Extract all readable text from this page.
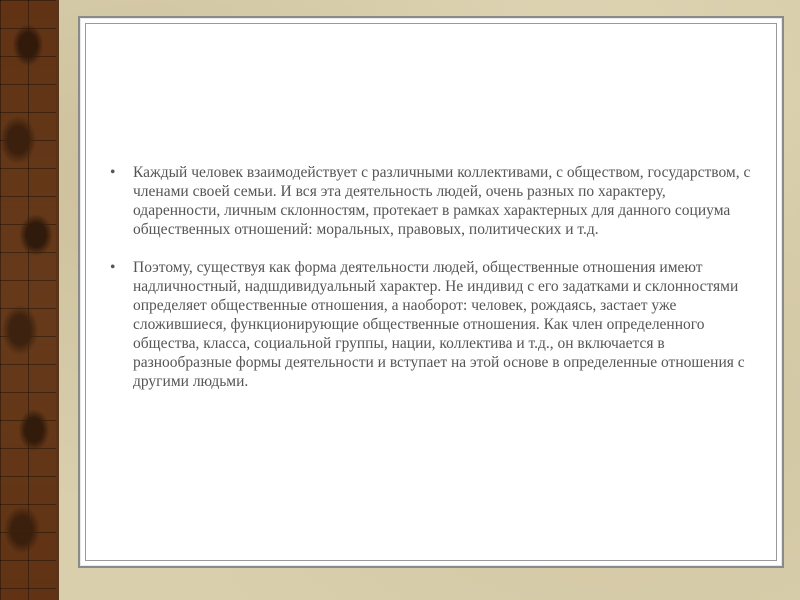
• Каждый человек взаимодействует с различными коллективами, с обществом, государством, с членами своей семьи. И вся эта деятельность людей, очень разных по характеру, одаренности, личным склонностям, протекает в рамках характерных для данного социума общественных отношений: моральных, правовых, политических и т.д.
• Поэтому, существуя как форма деятельности людей, общественные отношения имеют надличностный, надшдивидуальный характер. Не индивид с его задатками и склонностями определяет общественные отношения, а наоборот: человек, рождаясь, застает уже сложившиеся, функционирующие общественные отношения. Как член определенного общества, класса, социальной группы, нации, коллектива и т.д., он включается в разнообразные формы деятельности и вступает на этой основе в определенные отношения с другими людьми.
